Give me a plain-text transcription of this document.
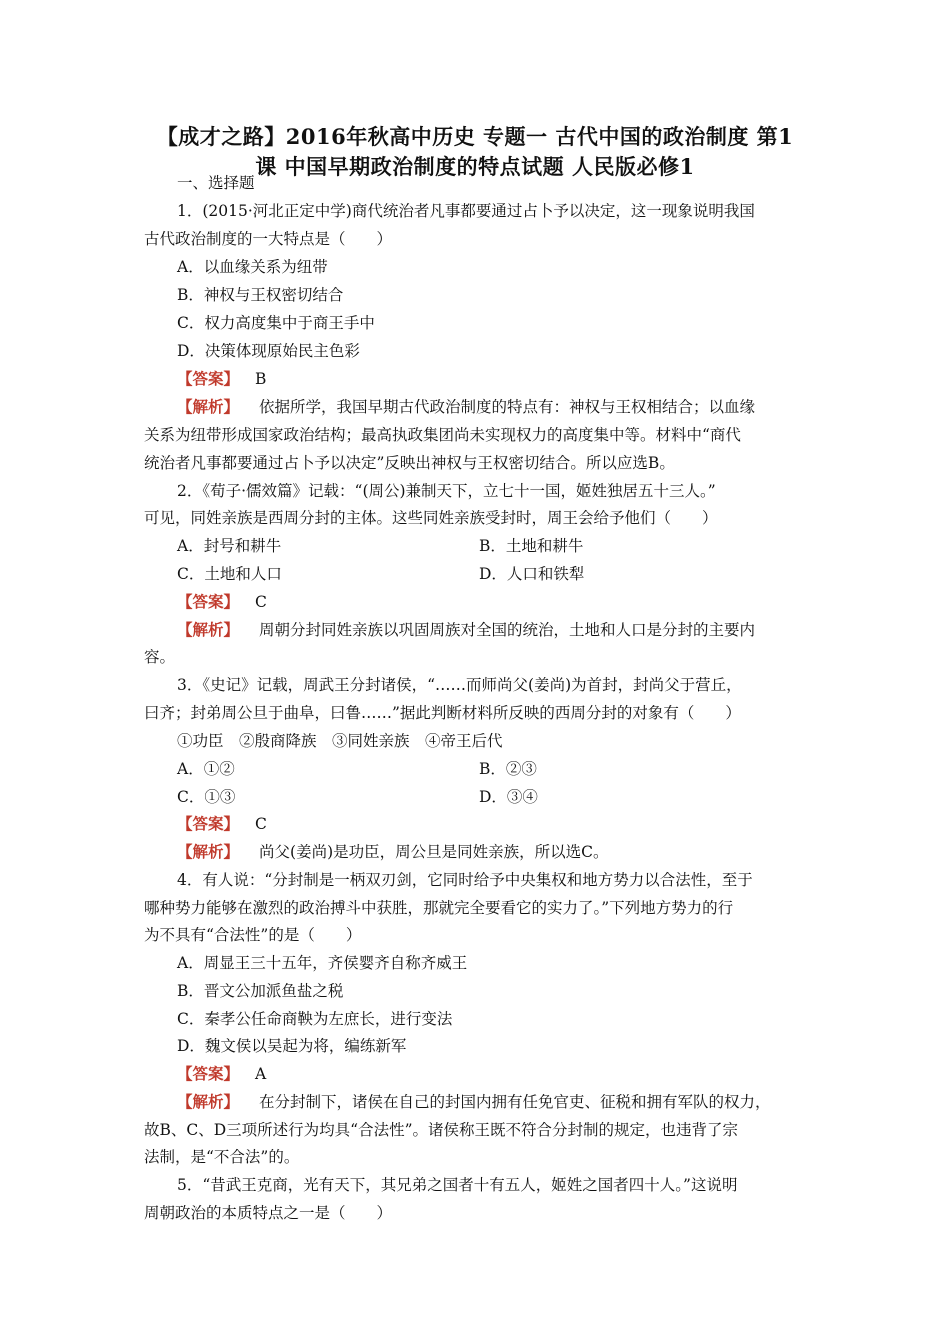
【成才之路】2016年秋高中历史 专题一 古代中国的政治制度 第1
课 中国早期政治制度的特点试题 人民版必修1
一、选择题
1．(2015·河北正定中学)商代统治者凡事都要通过占卜予以决定，这一现象说明我国
古代政治制度的一大特点是（　　）
A．以血缘关系为纽带
B．神权与王权密切结合
C．权力高度集中于商王手中
D．决策体现原始民主色彩
【答案】 B
【解析】 依据所学，我国早期古代政治制度的特点有：神权与王权相结合；以血缘
关系为纽带形成国家政治结构；最高执政集团尚未实现权力的高度集中等。材料中“商代
统治者凡事都要通过占卜予以决定”反映出神权与王权密切结合。所以应选B。
2．《荀子·儒效篇》记载：“(周公)兼制天下，立七十一国，姬姓独居五十三人。”
可见，同姓亲族是西周分封的主体。这些同姓亲族受封时，周王会给予他们（　　）
A．封号和耕牛	B．土地和耕牛
C．土地和人口	D．人口和铁犁
【答案】 C
【解析】 周朝分封同姓亲族以巩固周族对全国的统治，土地和人口是分封的主要内
容。
3．《史记》记载，周武王分封诸侯，“……而师尚父(姜尚)为首封，封尚父于营丘，
曰齐；封弟周公旦于曲阜，曰鲁……”据此判断材料所反映的西周分封的对象有（　　）
①功臣　②殷商降族　③同姓亲族　④帝王后代
A．①②	B．②③
C．①③	D．③④
【答案】 C
【解析】 尚父(姜尚)是功臣，周公旦是同姓亲族，所以选C。
4．有人说：“分封制是一柄双刃剑，它同时给予中央集权和地方势力以合法性，至于
哪种势力能够在激烈的政治搏斗中获胜，那就完全要看它的实力了。”下列地方势力的行
为不具有“合法性”的是（　　）
A．周显王三十五年，齐侯婴齐自称齐威王
B．晋文公加派鱼盐之税
C．秦孝公任命商鞅为左庶长，进行变法
D．魏文侯以吴起为将，编练新军
【答案】 A
【解析】 在分封制下，诸侯在自己的封国内拥有任免官吏、征税和拥有军队的权力，
故B、C、D三项所述行为均具“合法性”。诸侯称王既不符合分封制的规定，也违背了宗
法制，是“不合法”的。
5．“昔武王克商，光有天下，其兄弟之国者十有五人，姬姓之国者四十人。”这说明
周朝政治的本质特点之一是（　　）
